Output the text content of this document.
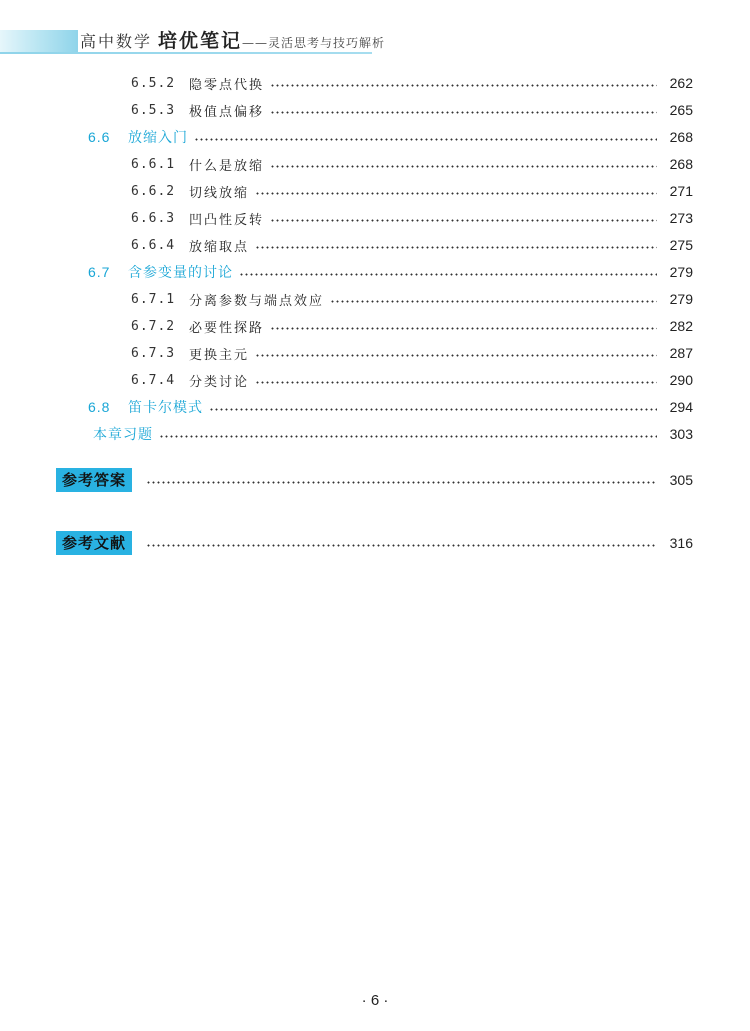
高中数学 培优笔记 ——灵活思考与技巧解析
6.5.2	隐零点代换	262
6.5.3	极值点偏移	265
6.6	放缩入门	268
6.6.1	什么是放缩	268
6.6.2	切线放缩	271
6.6.3	凹凸性反转	273
6.6.4	放缩取点	275
6.7	含参变量的讨论	279
6.7.1	分离参数与端点效应	279
6.7.2	必要性探路	282
6.7.3	更换主元	287
6.7.4	分类讨论	290
6.8	笛卡尔模式	294
本章习题	303
参考答案	305
参考文献	316
· 6 ·
